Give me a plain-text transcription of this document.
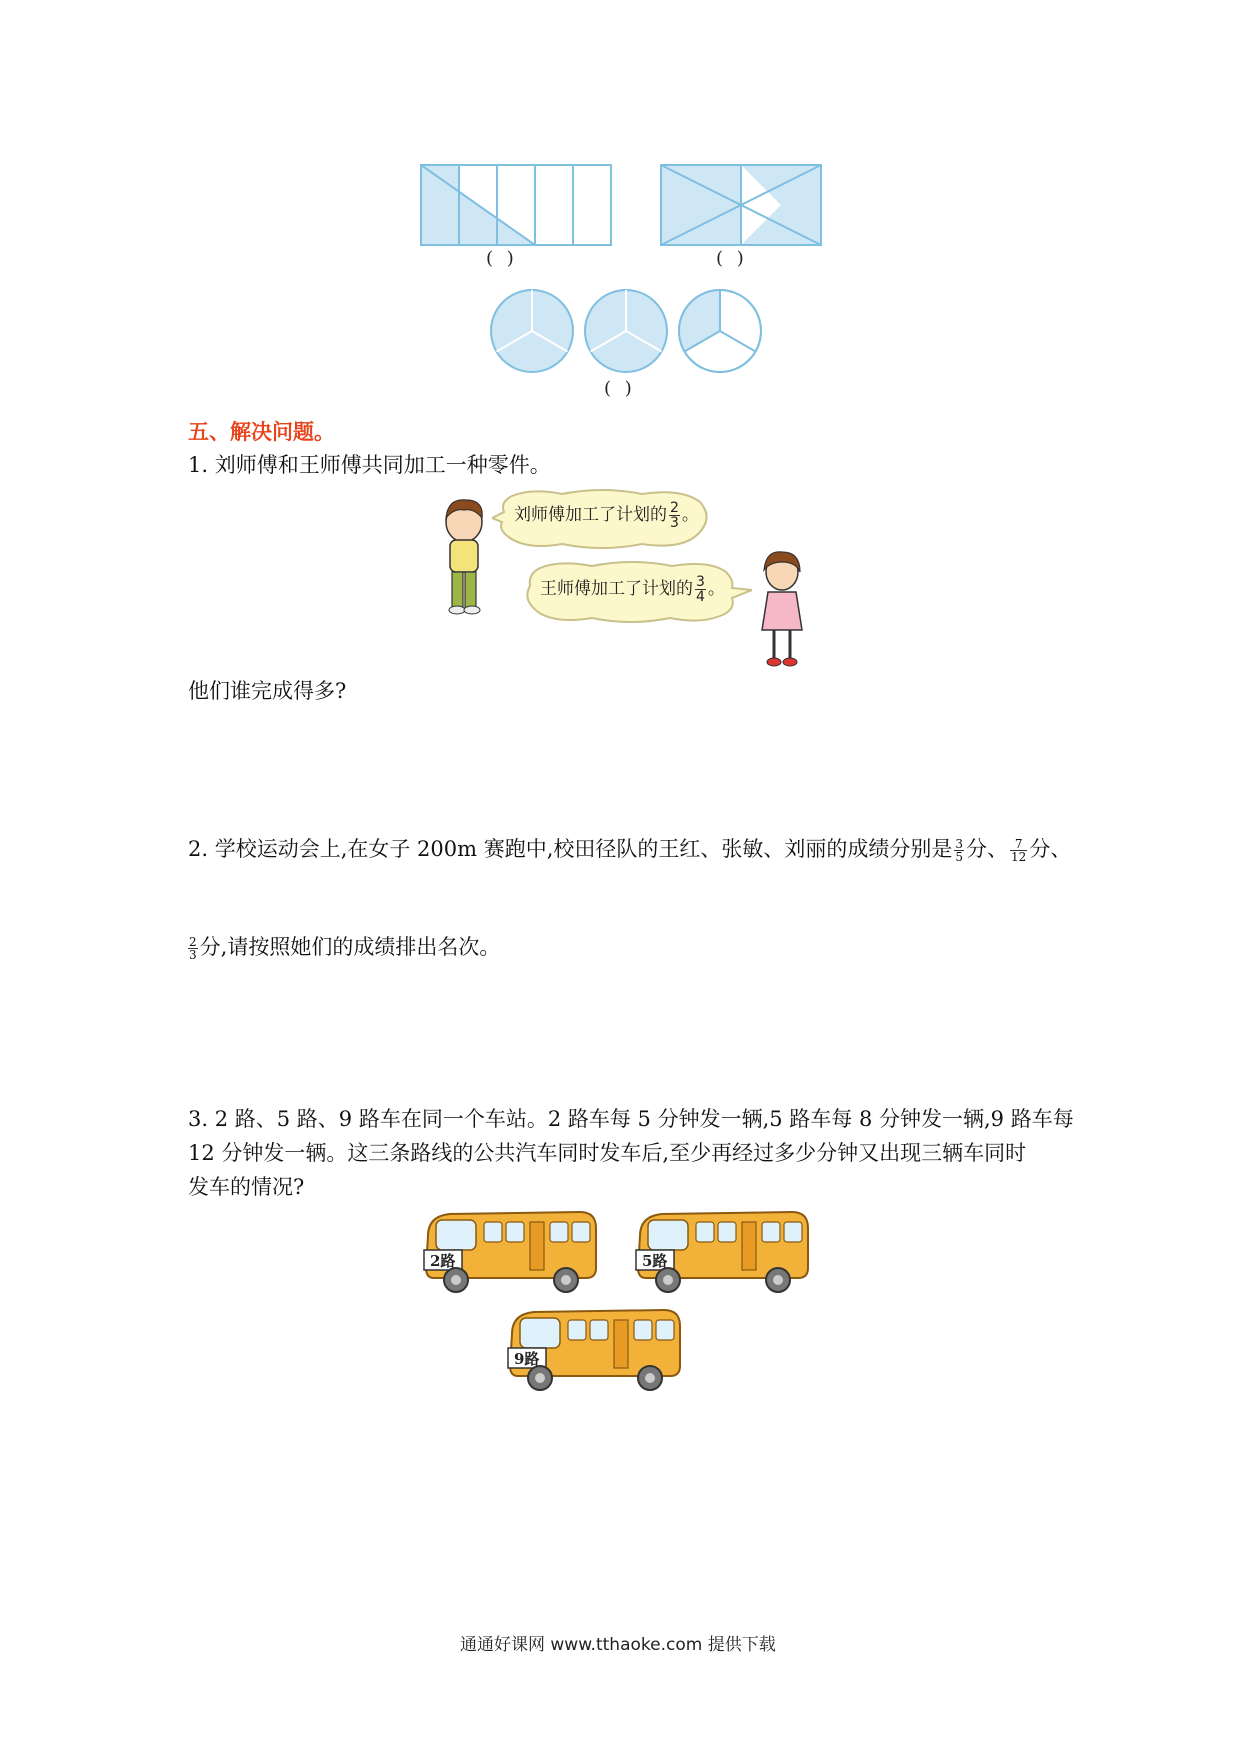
( )	( )
( )
五、解决问题。
1. 刘师傅和王师傅共同加工一种零件。
刘师傅加工了计划的 $\frac{2}{3}$ 。
王师傅加工了计划的 $\frac{3}{4}$ 。
他们谁完成得多?
2. 学校运动会上,在女子 200m 赛跑中,校田径队的王红、张敏、刘丽的成绩分别是 $\frac{3}{5}$ 分、 $\frac{7}{12}$ 分、
$\frac{2}{3}$ 分,请按照她们的成绩排出名次。
3. 2 路、5 路、9 路车在同一个车站。2 路车每 5 分钟发一辆,5 路车每 8 分钟发一辆,9 路车每
12 分钟发一辆。这三条路线的公共汽车同时发车后,至少再经过多少分钟又出现三辆车同时
发车的情况?
2路	5路
9路
通通好课网 www.tthaoke.com 提供下载
